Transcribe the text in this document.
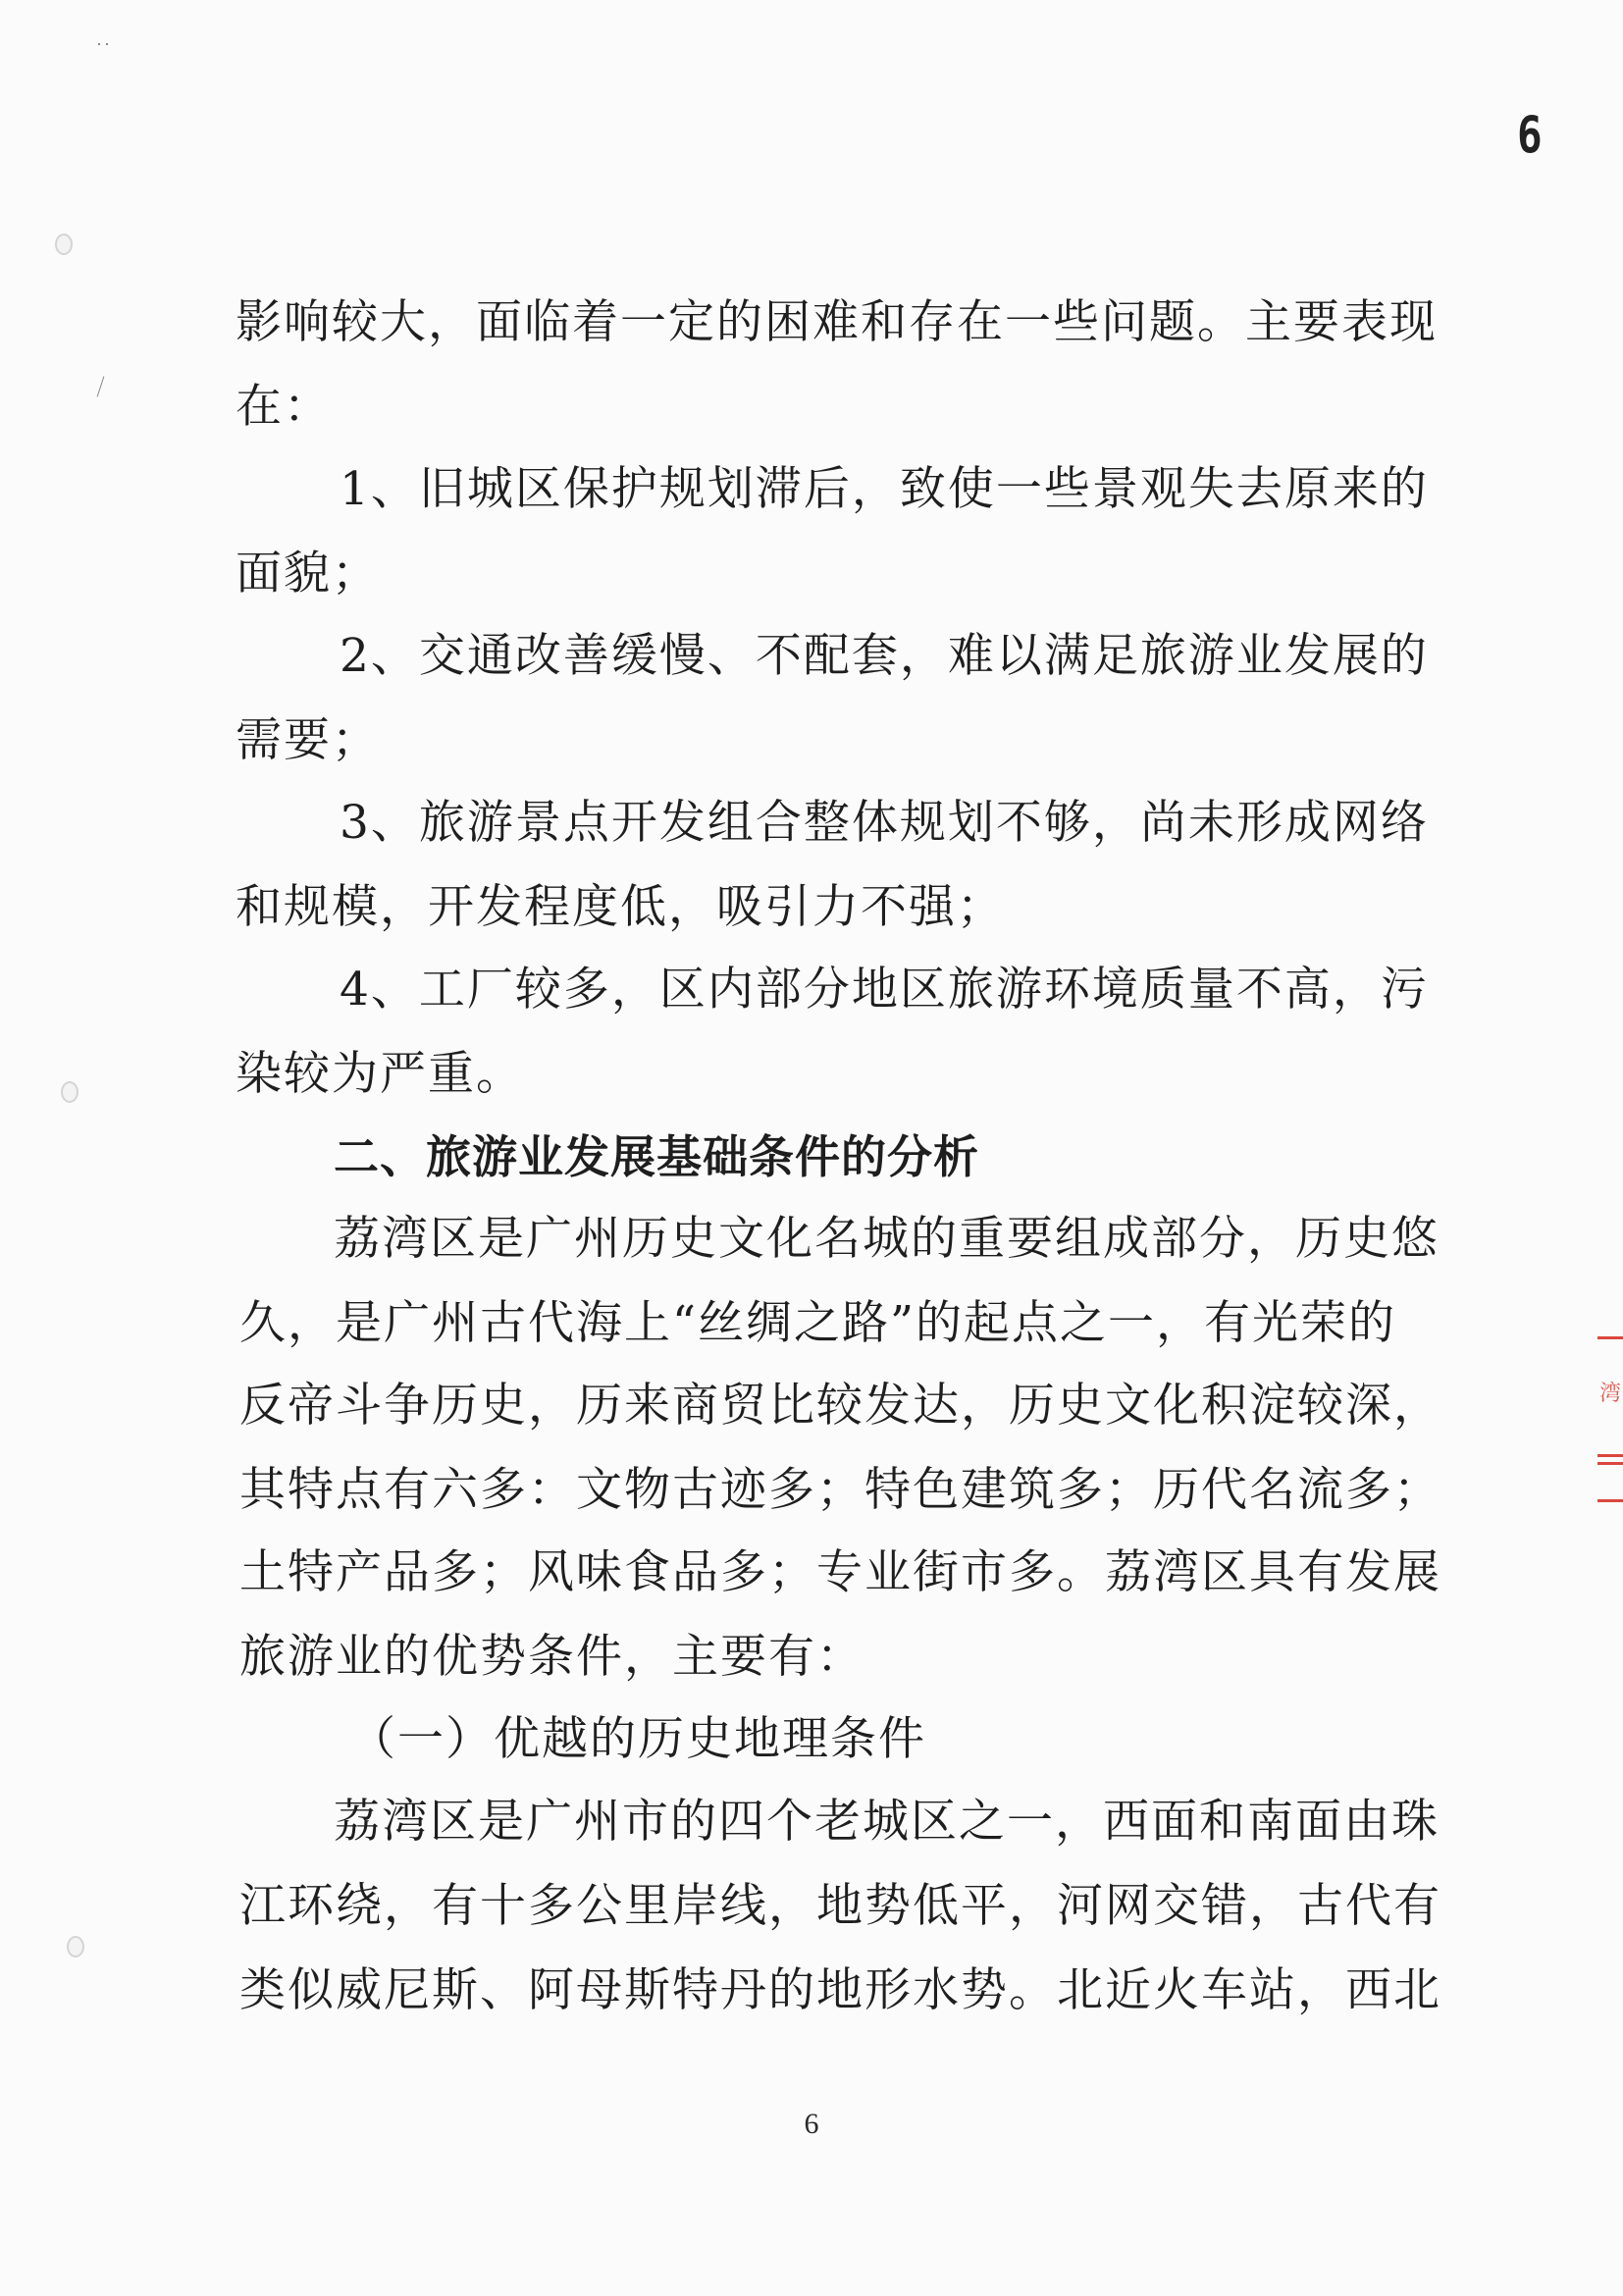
6
影响较大，面临着一定的困难和存在一些问题。主要表现
在：
1、旧城区保护规划滞后，致使一些景观失去原来的
面貌；
2、交通改善缓慢、不配套，难以满足旅游业发展的
需要；
3、旅游景点开发组合整体规划不够，尚未形成网络
和规模，开发程度低，吸引力不强；
4、工厂较多，区内部分地区旅游环境质量不高，污
染较为严重。
二、旅游业发展基础条件的分析
荔湾区是广州历史文化名城的重要组成部分，历史悠
久，是广州古代海上“丝绸之路”的起点之一，有光荣的
反帝斗争历史，历来商贸比较发达，历史文化积淀较深，
其特点有六多：文物古迹多；特色建筑多；历代名流多；
土特产品多；风味食品多；专业街市多。荔湾区具有发展
旅游业的优势条件，主要有：
（一）优越的历史地理条件
荔湾区是广州市的四个老城区之一，西面和南面由珠
江环绕，有十多公里岸线，地势低平，河网交错，古代有
类似威尼斯、阿母斯特丹的地形水势。北近火车站，西北
6
湾
